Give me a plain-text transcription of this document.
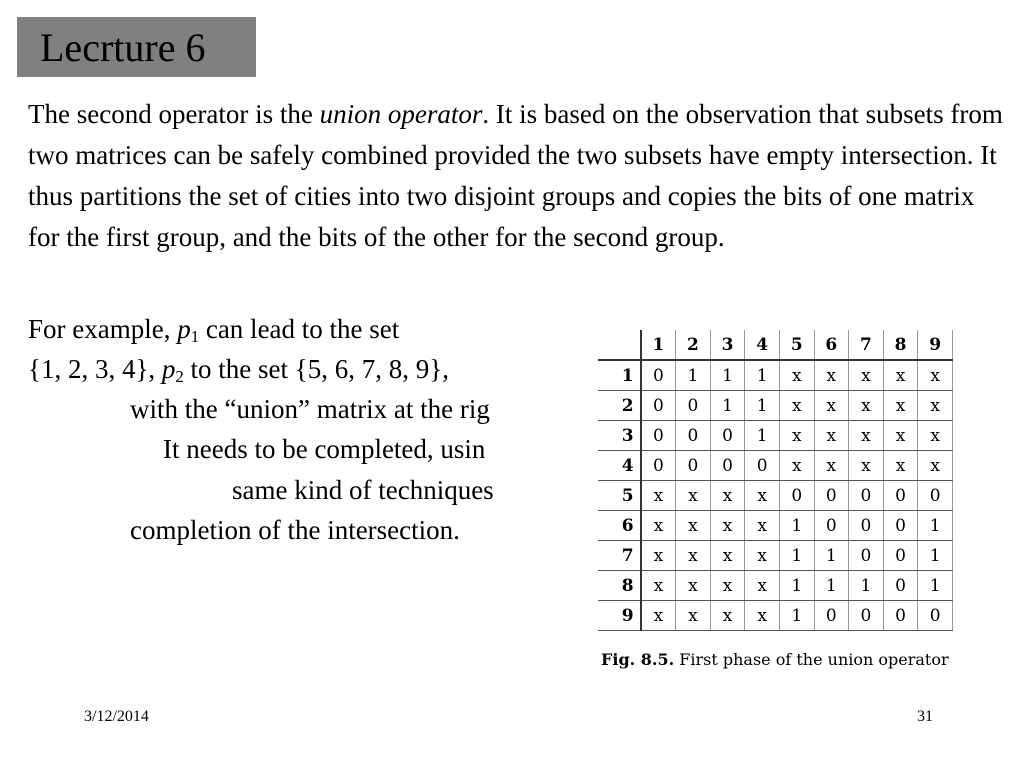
Lecrture 6
The second operator is the union operator. It is based on the observation that subsets from two matrices can be safely combined provided the two subsets have empty intersection. It thus partitions the set of cities into two disjoint groups and copies the bits of one matrix for the first group, and the bits of the other for the second group.
For example, $p_1$ can lead to the set
{1, 2, 3, 4}, $p_2$ to the set {5, 6, 7, 8, 9},
with the “union” matrix at the rig
It needs to be completed, usin
same kind of techniques
completion of the intersection.
	1	2	3	4	5	6	7	8	9
1	0	1	1	1	x	x	x	x	x
2	0	0	1	1	x	x	x	x	x
3	0	0	0	1	x	x	x	x	x
4	0	0	0	0	x	x	x	x	x
5	x	x	x	x	0	0	0	0	0
6	x	x	x	x	1	0	0	0	1
7	x	x	x	x	1	1	0	0	1
8	x	x	x	x	1	1	1	0	1
9	x	x	x	x	1	0	0	0	0
Fig. 8.5. First phase of the union operator
3/12/2014	31
